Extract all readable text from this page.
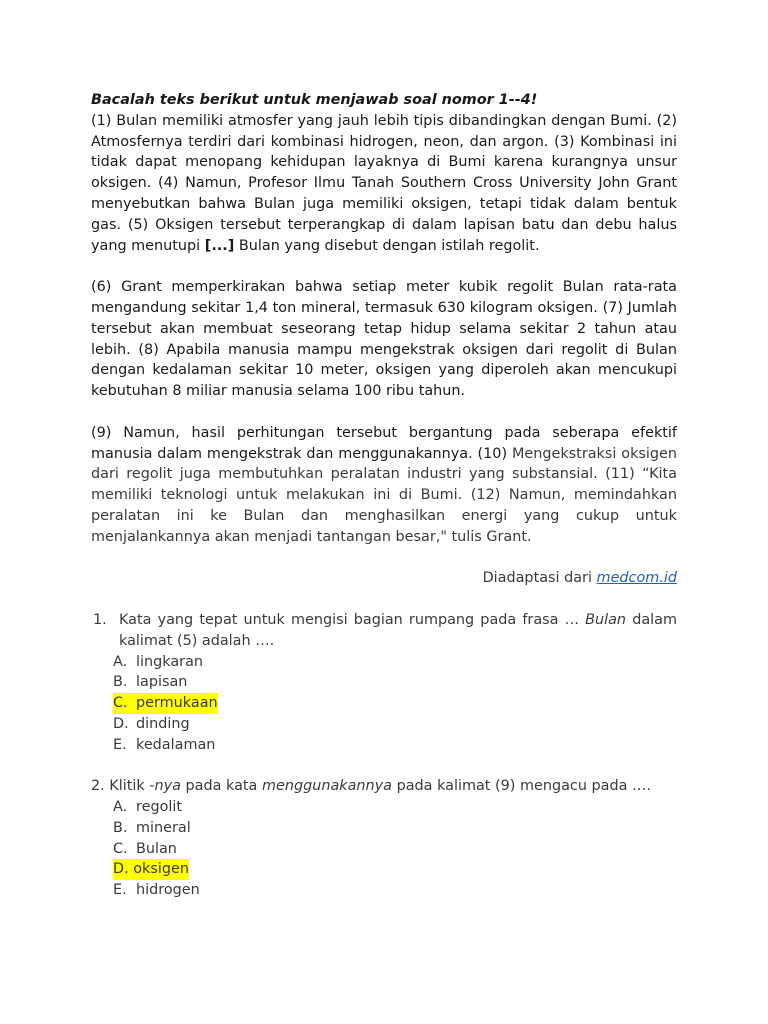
Bacalah teks berikut untuk menjawab soal nomor 1--4!

(1) Bulan memiliki atmosfer yang jauh lebih tipis dibandingkan dengan Bumi. (2) Atmosfernya terdiri dari kombinasi hidrogen, neon, dan argon. (3) Kombinasi ini tidak dapat menopang kehidupan layaknya di Bumi karena kurangnya unsur oksigen. (4) Namun, Profesor Ilmu Tanah Southern Cross University John Grant menyebutkan bahwa Bulan juga memiliki oksigen, tetapi tidak dalam bentuk gas. (5) Oksigen tersebut terperangkap di dalam lapisan batu dan debu halus yang menutupi [...] Bulan yang disebut dengan istilah regolit.

(6) Grant memperkirakan bahwa setiap meter kubik regolit Bulan rata-rata mengandung sekitar 1,4 ton mineral, termasuk 630 kilogram oksigen. (7) Jumlah tersebut akan membuat seseorang tetap hidup selama sekitar 2 tahun atau lebih. (8) Apabila manusia mampu mengekstrak oksigen dari regolit di Bulan dengan kedalaman sekitar 10 meter, oksigen yang diperoleh akan mencukupi kebutuhan 8 miliar manusia selama 100 ribu tahun.

(9) Namun, hasil perhitungan tersebut bergantung pada seberapa efektif manusia dalam mengekstrak dan menggunakannya. (10) Mengekstraksi oksigen dari regolit juga membutuhkan peralatan industri yang substansial. (11) “Kita memiliki teknologi untuk melakukan ini di Bumi. (12) Namun, memindahkan peralatan ini ke Bulan dan menghasilkan energi yang cukup untuk menjalankannya akan menjadi tantangan besar," tulis Grant.

Diadaptasi dari medcom.id
1. Kata yang tepat untuk mengisi bagian rumpang pada frasa … Bulan dalam kalimat (5) adalah ….
A. lingkaran
B. lapisan
C. permukaan
D. dinding
E. kedalaman
2. Klitik -nya pada kata menggunakannya pada kalimat (9) mengacu pada ….
A. regolit
B. mineral
C. Bulan
D.
oksigen
E. hidrogen
